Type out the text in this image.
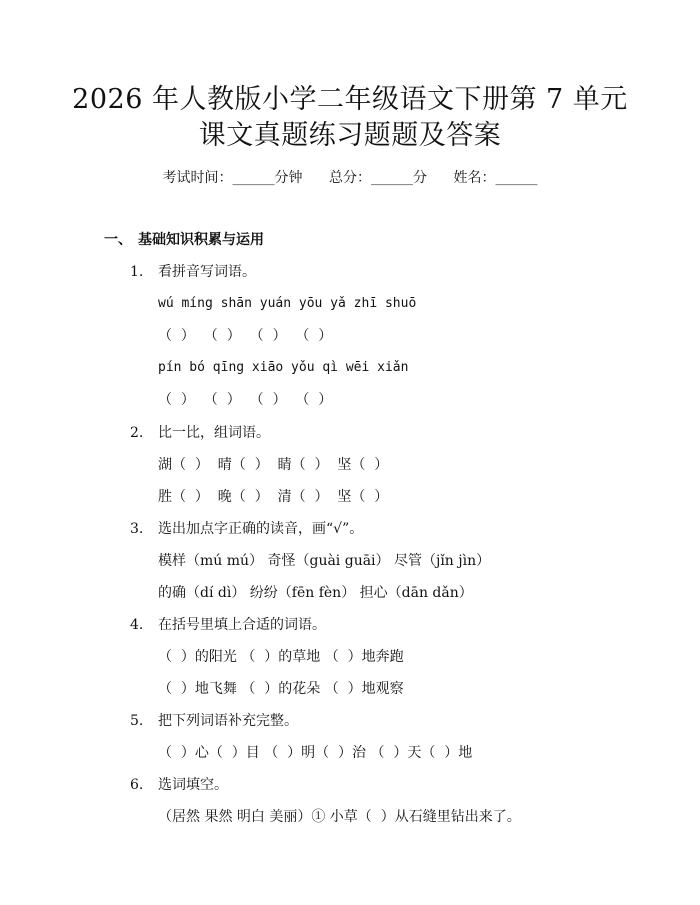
2026 年人教版小学二年级语文下册第 7 单元
课文真题练习题题及答案
考试时间：______分钟 总分：______分 姓名：______
一、 基础知识积累与运用
1. 看拼音写词语。
wú míng shān yuán yōu yǎ zhī shuō
（  ）  （  ）  （  ）  （  ）
pín bó qīng xiāo yǒu qì wēi xiǎn
（  ）  （  ）  （  ）  （  ）
2. 比一比，组词语。
湖（  ）  晴（  ）  睛（  ）  坚（  ）
胜（  ）  晚（  ）  清（  ）  坚（  ）
3. 选出加点字正确的读音，画“√”。
模样（mú mú） 奇怪（guài guāi） 尽管（jǐn jìn）
的确（dí dì） 纷纷（fēn fèn） 担心（dān dǎn）
4. 在括号里填上合适的词语。
（  ）的阳光 （  ）的草地 （  ）地奔跑
（  ）地飞舞 （  ）的花朵 （  ）地观察
5. 把下列词语补充完整。
（  ）心（  ）目 （  ）明（  ）治 （  ）天（  ）地
6. 选词填空。
（居然 果然 明白 美丽）① 小草（  ）从石缝里钻出来了。
